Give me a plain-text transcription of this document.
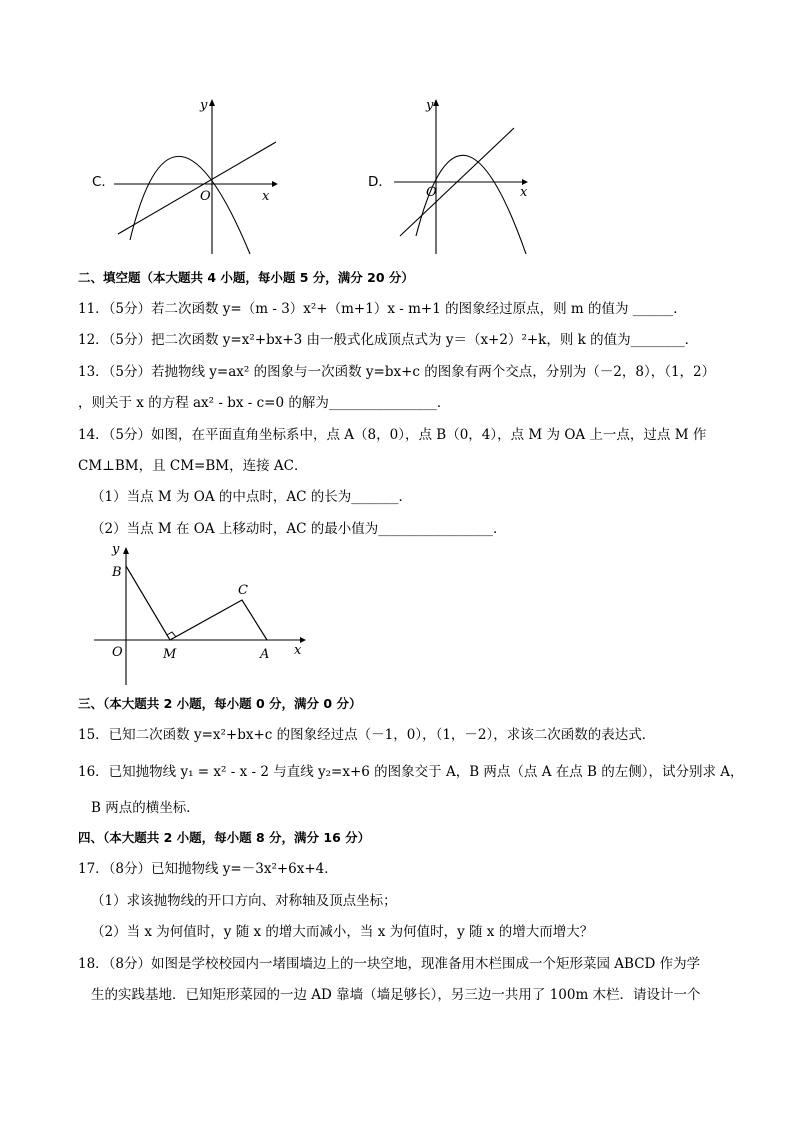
C．
y
x
O
D．
y
x
O
二、填空题（本大题共 4 小题，每小题 5 分，满分 20 分）
11．（5分）若二次函数 y=（m - 3）x²+（m+1）x - m+1 的图象经过原点，则 m 的值为 ______．
12．（5分）把二次函数 y=x²+bx+3 由一般式化成顶点式为 y＝（x+2）²+k，则 k 的值为________．
13．（5分）若抛物线 y=ax² 的图象与一次函数 y=bx+c 的图象有两个交点，分别为（－2，8），（1，2）
，则关于 x 的方程 ax² - bx - c=0 的解为________________．
14．（5分）如图，在平面直角坐标系中，点 A（8，0），点 B（0，4），点 M 为 OA 上一点，过点 M 作
CM⊥BM，且 CM=BM，连接 AC．
（1）当点 M 为 OA 的中点时，AC 的长为_______．
（2）当点 M 在 OA 上移动时，AC 的最小值为_________________．
y
x
B
C
O	M	A
三、（本大题共 2 小题，每小题 0 分，满分 0 分）
15．已知二次函数 y=x²+bx+c 的图象经过点（－1，0），（1，－2），求该二次函数的表达式．
16．已知抛物线 y₁ = x² - x - 2 与直线 y₂=x+6 的图象交于 A，B 两点（点 A 在点 B 的左侧），试分别求 A，
B 两点的横坐标．
四、（本大题共 2 小题，每小题 8 分，满分 16 分）
17．（8分）已知抛物线 y=－3x²+6x+4．
（1）求该抛物线的开口方向、对称轴及顶点坐标；
（2）当 x 为何值时，y 随 x 的增大而减小，当 x 为何值时，y 随 x 的增大而增大？
18．（8分）如图是学校校园内一堵围墙边上的一块空地，现准备用木栏围成一个矩形菜园 ABCD 作为学
生的实践基地．已知矩形菜园的一边 AD 靠墙（墙足够长），另三边一共用了 100m 木栏．请设计一个
